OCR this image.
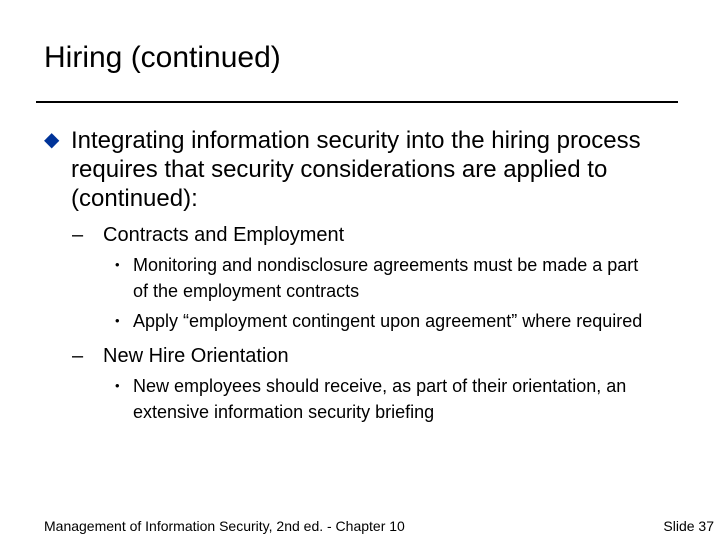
Hiring (continued)
◆ Integrating information security into the hiring process requires that security considerations are applied to (continued):
– Contracts and Employment
• Monitoring and nondisclosure agreements must be made a part of the employment contracts
• Apply “employment contingent upon agreement” where required
– New Hire Orientation
• New employees should receive, as part of their orientation, an extensive information security briefing
Management of Information Security, 2nd ed. - Chapter 10	Slide 37
